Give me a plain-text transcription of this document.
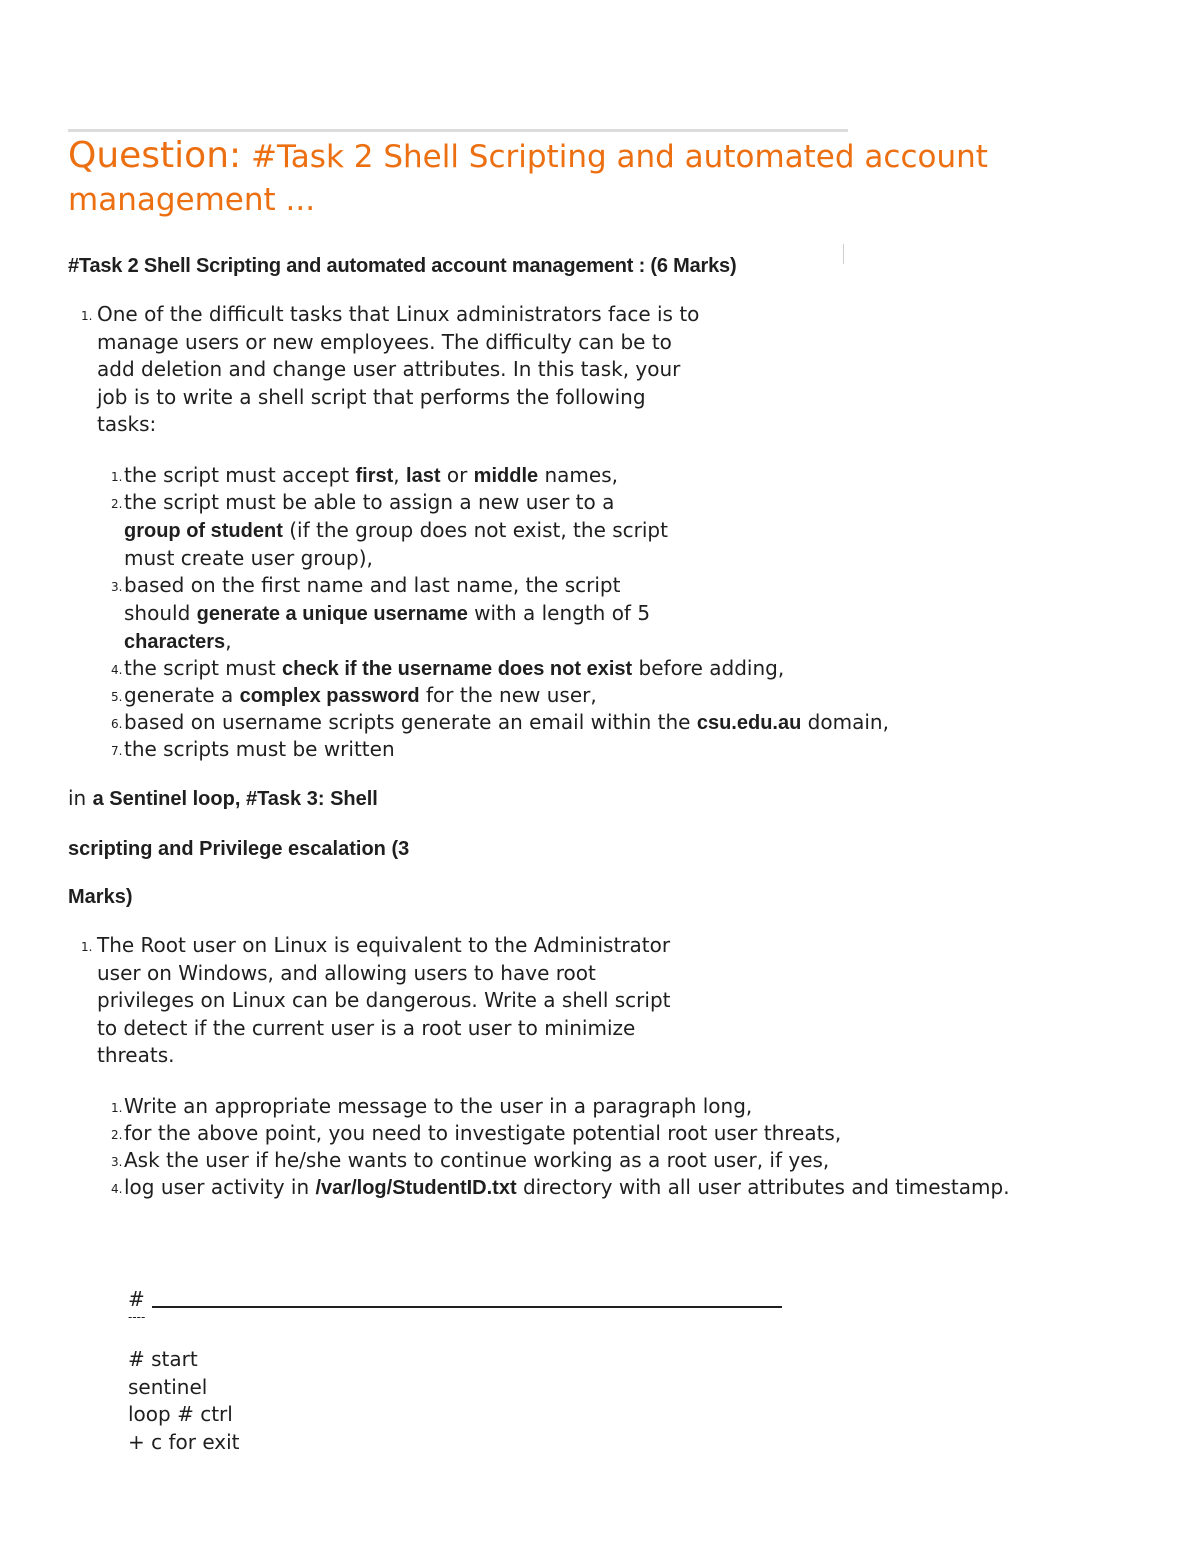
Question: #Task 2 Shell Scripting and automated account
management ...
#Task 2 Shell Scripting and automated account management : (6 Marks)
1. One of the difficult tasks that Linux administrators face is to
manage users or new employees. The difficulty can be to
add deletion and change user attributes. In this task, your
job is to write a shell script that performs the following
tasks:
1. the script must accept first, last or middle names,
2. the script must be able to assign a new user to a
group of student (if the group does not exist, the script
must create user group),
3. based on the first name and last name, the script
should generate a unique username with a length of 5
characters,
4. the script must check if the username does not exist before adding,
5. generate a complex password for the new user,
6. based on username scripts generate an email within the csu.edu.au domain,
7. the scripts must be written
in a Sentinel loop, #Task 3: Shell
scripting and Privilege escalation (3
Marks)
1. The Root user on Linux is equivalent to the Administrator
user on Windows, and allowing users to have root
privileges on Linux can be dangerous. Write a shell script
to detect if the current user is a root user to minimize
threats.
1. Write an appropriate message to the user in a paragraph long,
2. for the above point, you need to investigate potential root user threats,
3. Ask the user if he/she wants to continue working as a root user, if yes,
4. log user activity in /var/log/StudentID.txt directory with all user attributes and timestamp.
#
----
# start
sentinel
loop # ctrl
+ c for exit
